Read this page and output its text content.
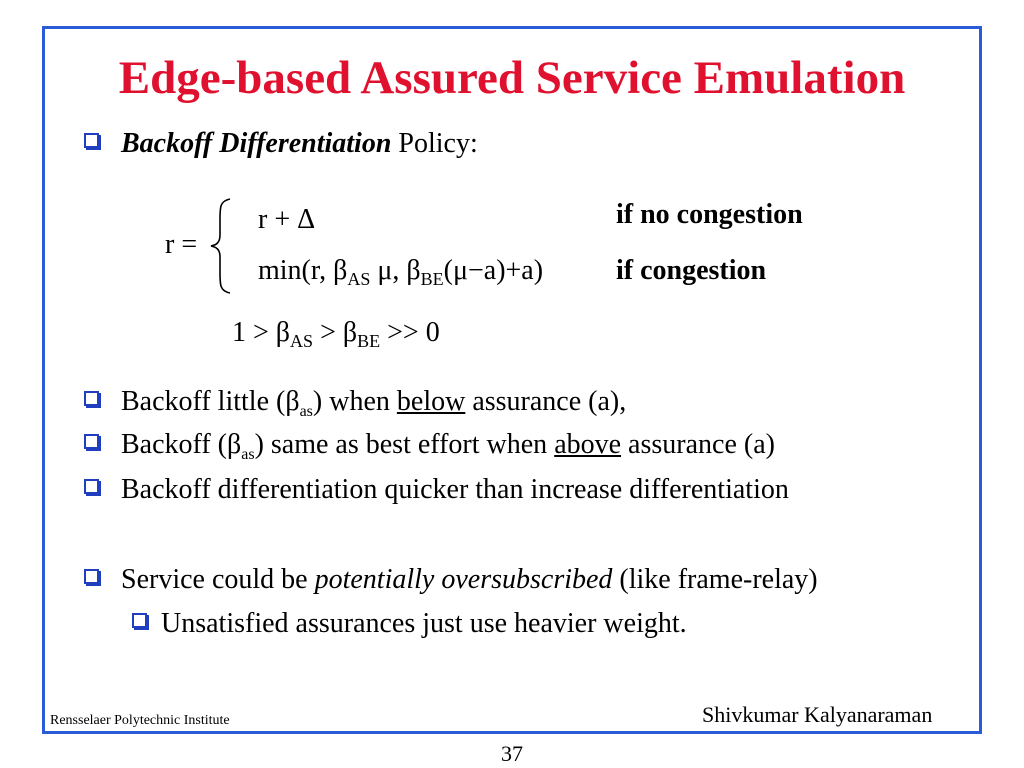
Edge-based Assured Service Emulation
Backoff Differentiation Policy:
r =
r + Δ	if no congestion
min(r, $\beta_{AS}$ μ, $\beta_{BE}(\mu-a)+a$)	if congestion
$1 > \beta_{AS} > \beta_{BE} >> 0$
Backoff little $(\beta_{as})$ when below assurance (a),
Backoff $(\beta_{as})$ same as best effort when above assurance (a)
Backoff differentiation quicker than increase differentiation
Service could be potentially oversubscribed (like frame-relay)
Unsatisfied assurances just use heavier weight.
Rensselaer Polytechnic Institute	Shivkumar Kalyanaraman
37
